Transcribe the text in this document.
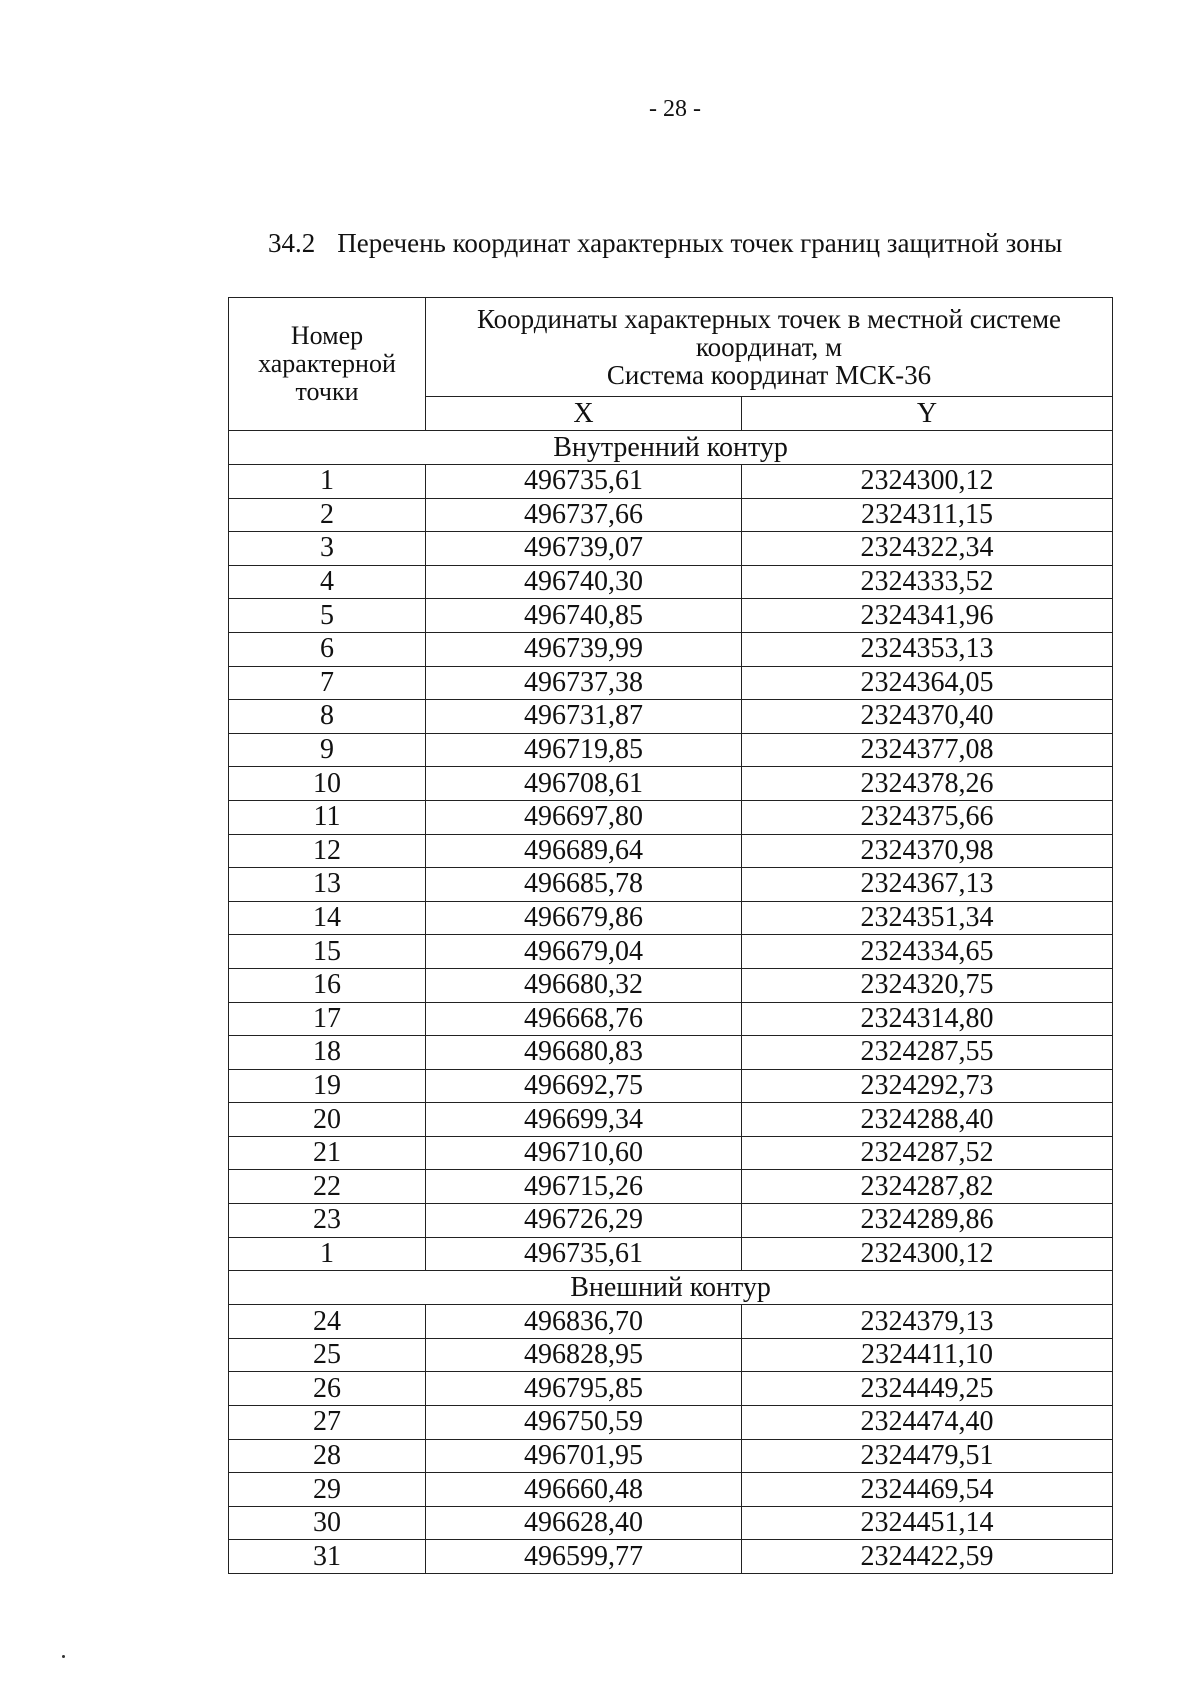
- 28 -
34.2 Перечень координат характерных точек границ защитной зоны
Номер характерной точки	Координаты характерных точек в местной системе координат, м
Система координат МСК-36	

	X	Y
Внутренний контур		
1	496735,61	2324300,12
2	496737,66	2324311,15
3	496739,07	2324322,34
4	496740,30	2324333,52
5	496740,85	2324341,96
6	496739,99	2324353,13
7	496737,38	2324364,05
8	496731,87	2324370,40
9	496719,85	2324377,08
10	496708,61	2324378,26
11	496697,80	2324375,66
12	496689,64	2324370,98
13	496685,78	2324367,13
14	496679,86	2324351,34
15	496679,04	2324334,65
16	496680,32	2324320,75
17	496668,76	2324314,80
18	496680,83	2324287,55
19	496692,75	2324292,73
20	496699,34	2324288,40
21	496710,60	2324287,52
22	496715,26	2324287,82
23	496726,29	2324289,86
1	496735,61	2324300,12
Внешний контур		
24	496836,70	2324379,13
25	496828,95	2324411,10
26	496795,85	2324449,25
27	496750,59	2324474,40
28	496701,95	2324479,51
29	496660,48	2324469,54
30	496628,40	2324451,14
31	496599,77	2324422,59
